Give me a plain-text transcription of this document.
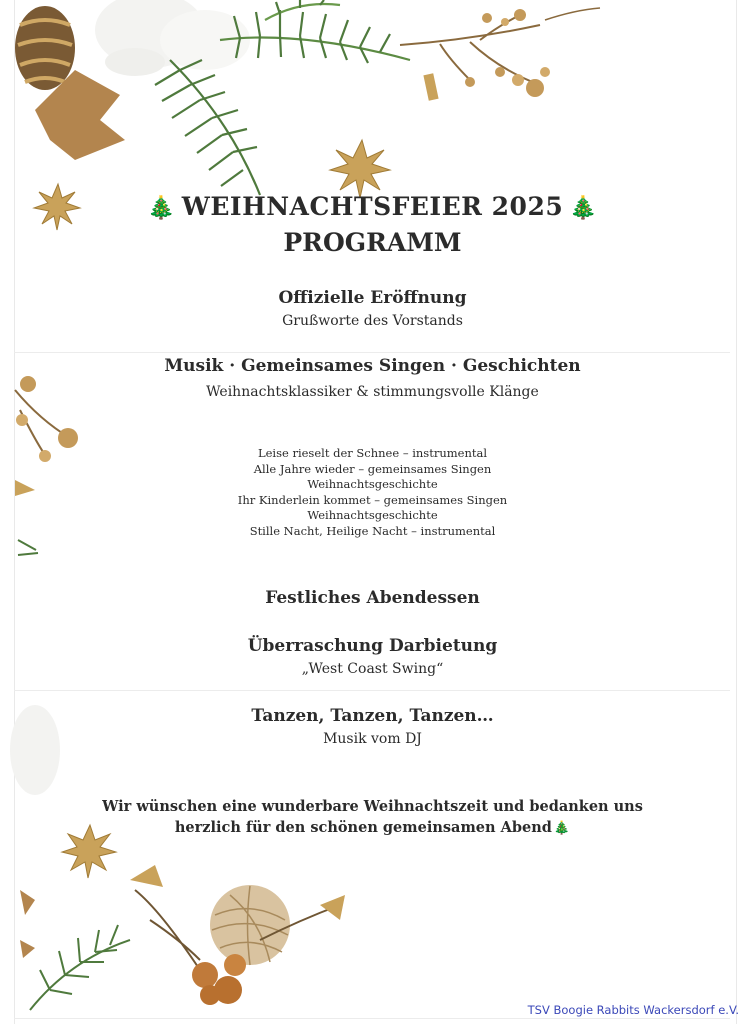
🎄 WEIHNACHTSFEIER 2025 🎄
PROGRAMM
Offizielle Eröffnung
Grußworte des Vorstands
Musik · Gemeinsames Singen · Geschichten
Weihnachtsklassiker & stimmungsvolle Klänge
Leise rieselt der Schnee – instrumental
Alle Jahre wieder – gemeinsames Singen
Weihnachtsgeschichte
Ihr Kinderlein kommet – gemeinsames Singen
Weihnachtsgeschichte
Stille Nacht, Heilige Nacht – instrumental
Festliches Abendessen
Überraschung Darbietung
„West Coast Swing“
Tanzen, Tanzen, Tanzen…
Musik vom DJ
Wir wünschen eine wunderbare Weihnachtszeit und bedanken uns
herzlich für den schönen gemeinsamen Abend 🎄
TSV Boogie Rabbits Wackersdorf e.V.
